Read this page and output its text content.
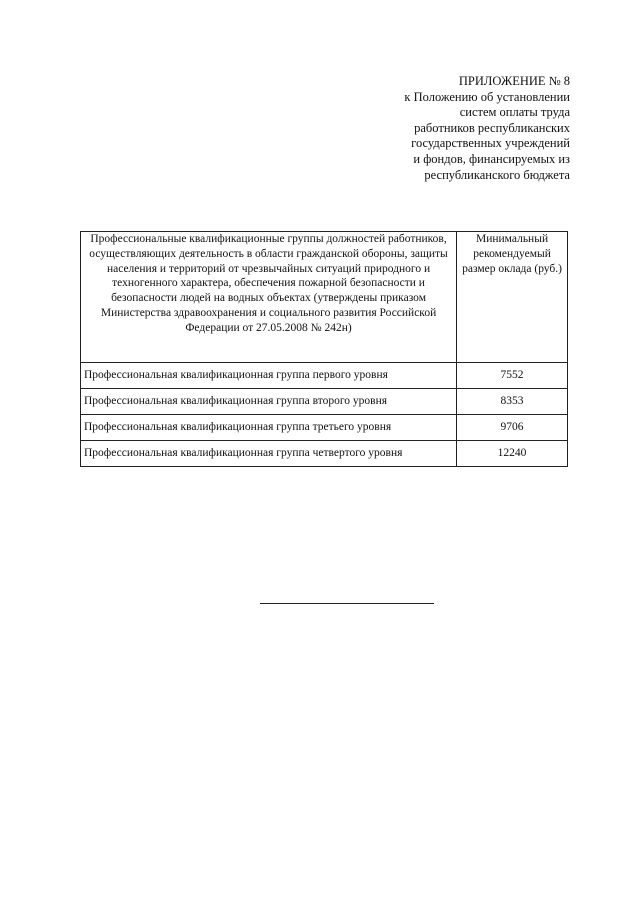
ПРИЛОЖЕНИЕ № 8
к Положению об установлении
систем оплаты труда
работников республиканских
государственных учреждений
и фондов, финансируемых из
республиканского бюджета
Профессиональные квалификационные группы должностей работников, осуществляющих деятельность в области гражданской обороны, защиты населения и территорий от чрезвычайных ситуаций природного и техногенного характера, обеспечения пожарной безопасности и безопасности людей на водных объектах (утверждены приказом Министерства здравоохранения и социального развития Российской Федерации от 27.05.2008 № 242н)	Минимальный рекомендуемый размер оклада (руб.)
Профессиональная квалификационная группа первого уровня	7552
Профессиональная квалификационная группа второго уровня	8353
Профессиональная квалификационная группа третьего уровня	9706
Профессиональная квалификационная группа четвертого уровня	12240
